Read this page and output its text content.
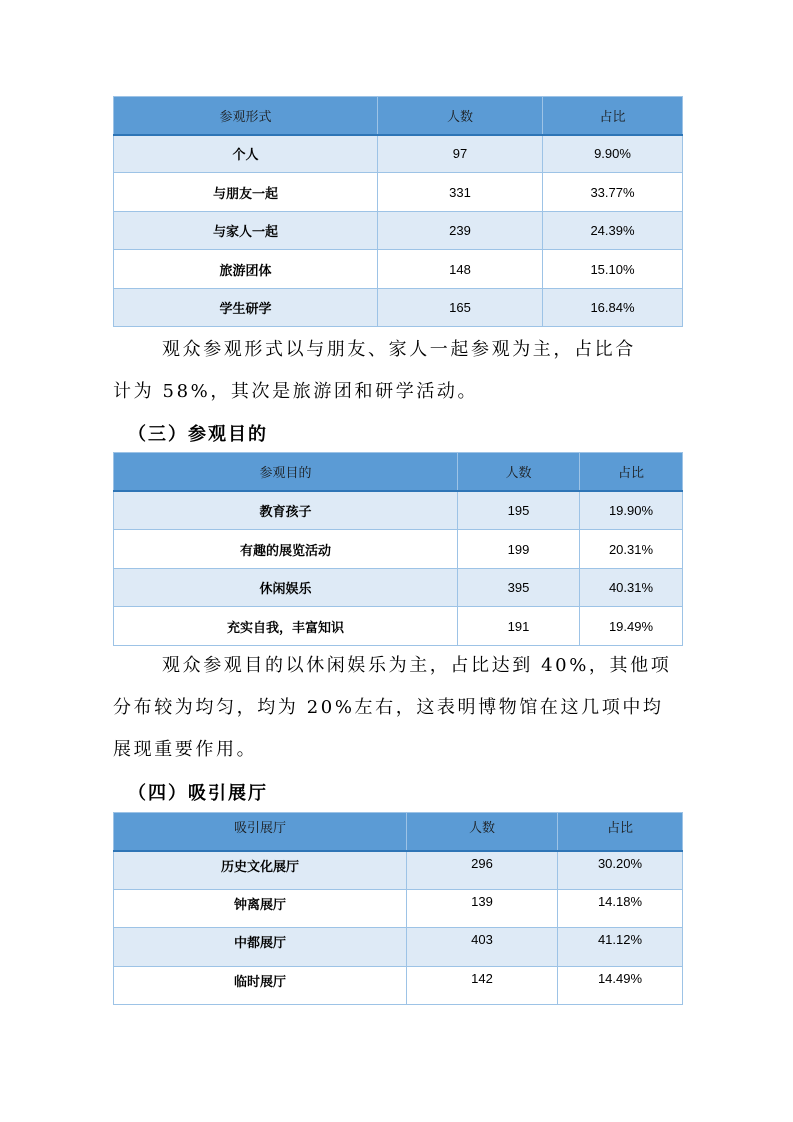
参观形式	人数	占比
个人	97	9.90%
与朋友一起	331	33.77%
与家人一起	239	24.39%
旅游团体	148	15.10%
学生研学	165	16.84%

观众参观形式以与朋友、家人一起参观为主，占比合
计为 58%，其次是旅游团和研学活动。

（三）参观目的
参观目的	人数	占比
教育孩子	195	19.90%
有趣的展览活动	199	20.31%
休闲娱乐	395	40.31%
充实自我，丰富知识	191	19.49%

观众参观目的以休闲娱乐为主，占比达到 40%，其他项
分布较为均匀，均为 20%左右，这表明博物馆在这几项中均
展现重要作用。

（四）吸引展厅
吸引展厅	人数	占比
历史文化展厅	296	30.20%
钟离展厅	139	14.18%
中都展厅	403	41.12%
临时展厅	142	14.49%
